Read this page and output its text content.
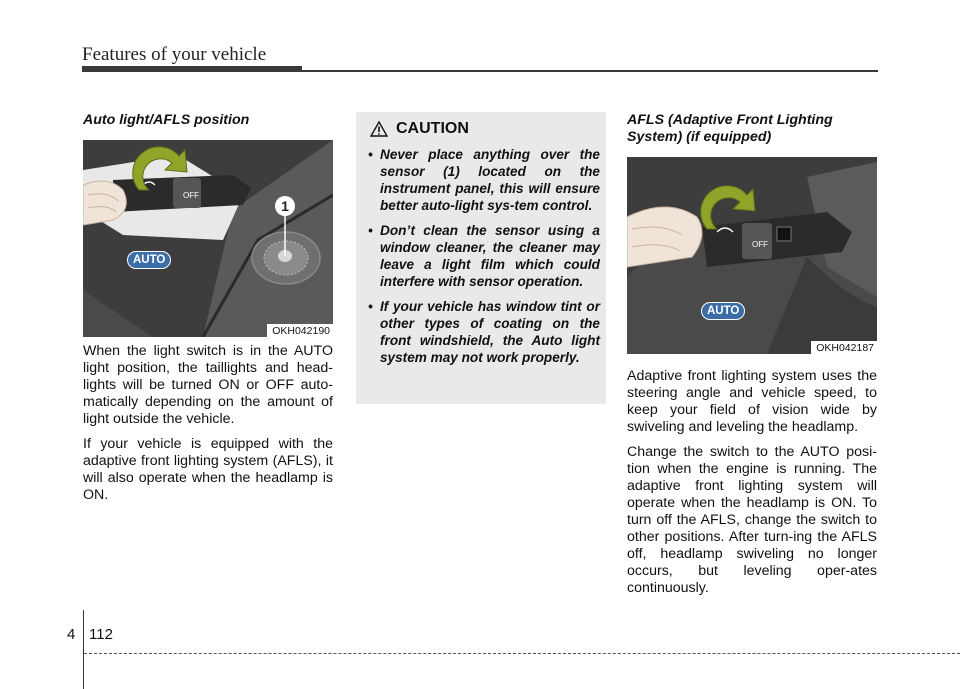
Features of your vehicle
Auto light/AFLS position
1
OFF
AUTO
OKH042190

When the light switch is in the AUTO light position, the taillights and head-lights will be turned ON or OFF auto-matically depending on the amount of light outside the vehicle.

If your vehicle is equipped with the adaptive front lighting system (AFLS), it will also operate when the headlamp is ON.

CAUTION
• Never place anything over the sensor (1) located on the instrument panel, this will ensure better auto-light sys-tem control.
• Don’t clean the sensor using a window cleaner, the cleaner may leave a light film which could interfere with sensor operation.
• If your vehicle has window tint or other types of coating on the front windshield, the Auto light system may not work properly.
AFLS (Adaptive Front Lighting System) (if equipped)
OFF
AUTO
OKH042187

Adaptive front lighting system uses the steering angle and vehicle speed, to keep your field of vision wide by swiveling and leveling the headlamp.

Change the switch to the AUTO posi-tion when the engine is running. The adaptive front lighting system will operate when the headlamp is ON. To turn off the AFLS, change the switch to other positions. After turn-ing the AFLS off, headlamp swiveling no longer occurs, but leveling oper-ates continuously.

4 112
